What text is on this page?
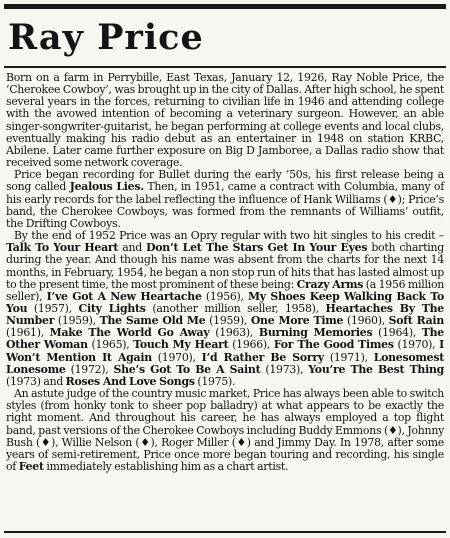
Ray Price

Born on a farm in Perrybille, East Texas, January 12, 1926, Ray Noble Price, the ‘Cherokee Cowboy’, was brought up in the city of Dallas. After high school, he spent several years in the forces, returning to civilian life in 1946 and attending college with the avowed intention of becoming a veterinary surgeon. However, an able singer-songwriter-guitarist, he began performing at college events and local clubs, eventually making his radio debut as an entertainer in 1948 on station KRBC, Abilene. Later came further exposure on Big D Jamboree, a Dallas radio show that received some network coverage.

Price began recording for Bullet during the early ’50s, his first release being a song called Jealous Lies. Then, in 1951, came a contract with Columbia, many of his early records for the label reflecting the influence of Hank Williams (♦); Price’s band, the Cherokee Cowboys, was formed from the remnants of Williams’ outfit, the Drifting Cowboys.

By the end of 1952 Price was an Opry regular with two hit singles to his credit – Talk To Your Heart and Don’t Let The Stars Get In Your Eyes both charting during the year. And though his name was absent from the charts for the next 14 months, in February, 1954, he began a non stop run of hits that has lasted almost up to the present time, the most prominent of these being: Crazy Arms (a 1956 million seller), I’ve Got A New Heartache (1956), My Shoes Keep Walking Back To You (1957), City Lights (another million seller, 1958), Heartaches By The Number (1959), The Same Old Me (1959), One More Time (1960), Soft Rain (1961), Make The World Go Away (1963), Burning Memories (1964), The Other Woman (1965), Touch My Heart (1966), For The Good Times (1970), I Won’t Mention It Again (1970), I’d Rather Be Sorry (1971), Lonesomest Lonesome (1972), She’s Got To Be A Saint (1973), You’re The Best Thing (1973) and Roses And Love Songs (1975).

An astute judge of the country music market, Price has always been able to switch styles (from honky tonk to sheer pop balladry) at what appears to be exactly the right moment. And throughout his career, he has always employed a top flight band, past versions of the Cherokee Cowboys including Buddy Emmons (♦), Johnny Bush (♦), Willie Nelson (♦), Roger Miller (♦) and Jimmy Day. In 1978, after some years of semi-retirement, Price once more began touring and recording, his single of Feet immediately establishing him as a chart artist.
